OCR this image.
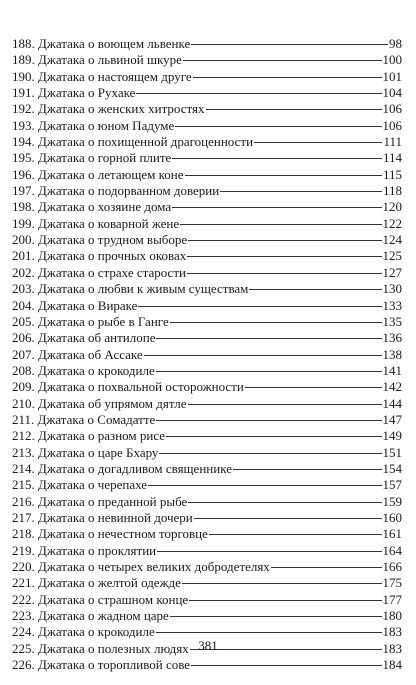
188. Джатака о воющем львенке	98
189. Джатака о львиной шкуре	100
190. Джатака о настоящем друге	101
191. Джатака о Рухаке	104
192. Джатака о женских хитростях	106
193. Джатака о юном Падуме	106
194. Джатака о похищенной драгоценности	111
195. Джатака о горной плите	114
196. Джатака о летающем коне	115
197. Джатака о подорванном доверии	118
198. Джатака о хозяине дома	120
199. Джатака о коварной жене	122
200. Джатака о трудном выборе	124
201. Джатака о прочных оковах	125
202. Джатака о страхе старости	127
203. Джатака о любви к живым существам	130
204. Джатака о Вираке	133
205. Джатака о рыбе в Ганге	135
206. Джатака об антилопе	136
207. Джатака об Ассаке	138
208. Джатака о крокодиле	141
209. Джатака о похвальной осторожности	142
210. Джатака об упрямом дятле	144
211. Джатака о Сомадатте	147
212. Джатака о разном рисе	149
213. Джатака о царе Бхару	151
214. Джатака о догадливом священнике	154
215. Джатака о черепахе	157
216. Джатака о преданной рыбе	159
217. Джатака о невинной дочери	160
218. Джатака о нечестном торговце	161
219. Джатака о проклятии	164
220. Джатака о четырех великих добродетелях	166
221. Джатака о желтой одежде	175
222. Джатака о страшном конце	177
223. Джатака о жадном царе	180
224. Джатака о крокодиле	183
225. Джатака о полезных людях	183
226. Джатака о торопливой сове	184
381
